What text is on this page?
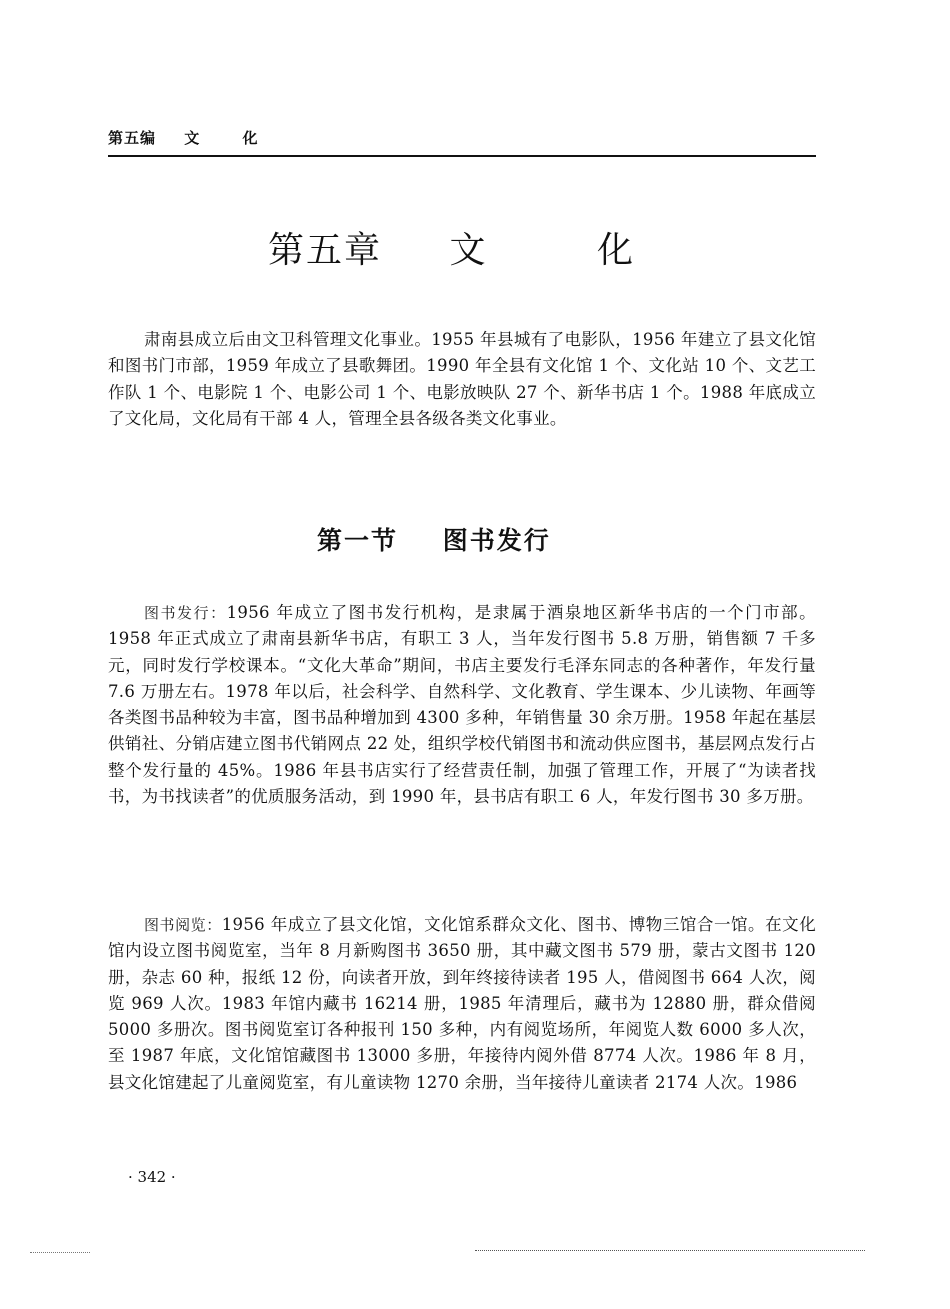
第五编 文	化
第五章 文	化

肃南县成立后由文卫科管理文化事业。1955 年县城有了电影队，1956 年建立了县文化馆和图书门市部，1959 年成立了县歌舞团。1990 年全县有文化馆 1 个、文化站 10 个、文艺工作队 1 个、电影院 1 个、电影公司 1 个、电影放映队 27 个、新华书店 1 个。1988 年底成立了文化局，文化局有干部 4 人，管理全县各级各类文化事业。

第一节 图书发行

图书发行：1956 年成立了图书发行机构，是隶属于酒泉地区新华书店的一个门市部。1958 年正式成立了肃南县新华书店，有职工 3 人，当年发行图书 5.8 万册，销售额 7 千多元，同时发行学校课本。“文化大革命”期间，书店主要发行毛泽东同志的各种著作，年发行量 7.6 万册左右。1978 年以后，社会科学、自然科学、文化教育、学生课本、少儿读物、年画等各类图书品种较为丰富，图书品种增加到 4300 多种，年销售量 30 余万册。1958 年起在基层供销社、分销店建立图书代销网点 22 处，组织学校代销图书和流动供应图书，基层网点发行占整个发行量的 45%。1986 年县书店实行了经营责任制，加强了管理工作，开展了“为读者找书，为书找读者”的优质服务活动，到 1990 年，县书店有职工 6 人，年发行图书 30 多万册。

图书阅览：1956 年成立了县文化馆，文化馆系群众文化、图书、博物三馆合一馆。在文化馆内设立图书阅览室，当年 8 月新购图书 3650 册，其中藏文图书 579 册，蒙古文图书 120 册，杂志 60 种，报纸 12 份，向读者开放，到年终接待读者 195 人，借阅图书 664 人次，阅览 969 人次。1983 年馆内藏书 16214 册，1985 年清理后，藏书为 12880 册，群众借阅 5000 多册次。图书阅览室订各种报刊 150 多种，内有阅览场所，年阅览人数 6000 多人次，至 1987 年底，文化馆馆藏图书 13000 多册，年接待内阅外借 8774 人次。1986 年 8 月，县文化馆建起了儿童阅览室，有儿童读物 1270 余册，当年接待儿童读者 2174 人次。1986

· 342 ·
